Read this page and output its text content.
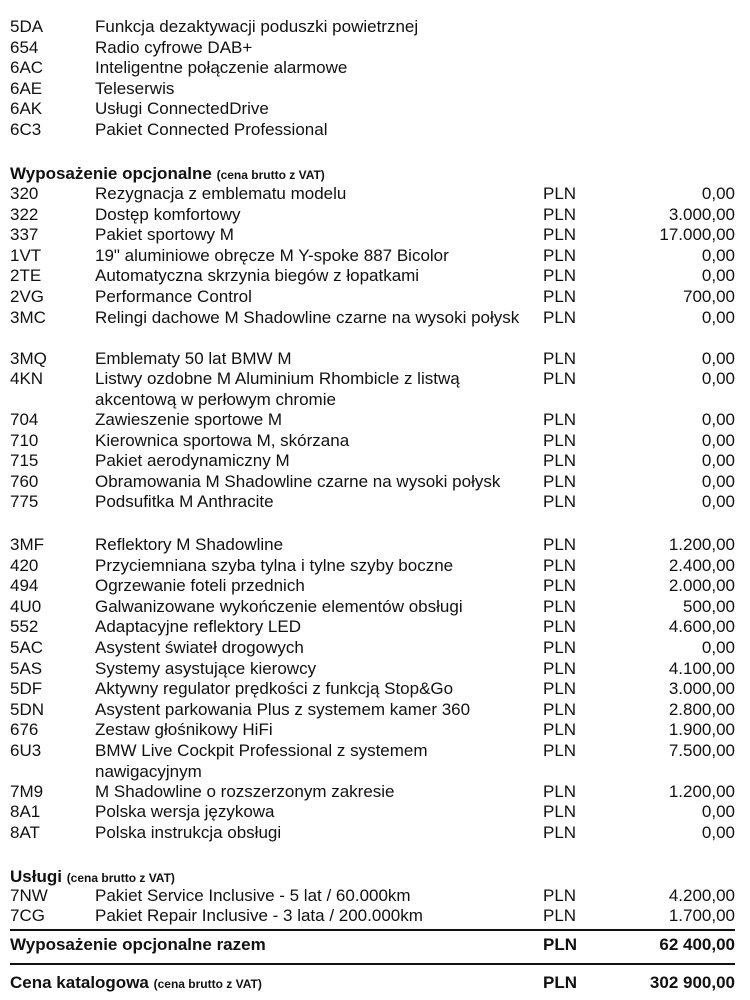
5DA	Funkcja dezaktywacji poduszki powietrznej
654	Radio cyfrowe DAB+
6AC	Inteligentne połączenie alarmowe
6AE	Teleserwis
6AK	Usługi ConnectedDrive
6C3	Pakiet Connected Professional
Wyposażenie opcjonalne (cena brutto z VAT)
320	Rezygnacja z emblematu modelu	PLN	0,00
322	Dostęp komfortowy	PLN	3.000,00
337	Pakiet sportowy M	PLN	17.000,00
1VT	19" aluminiowe obręcze M Y-spoke 887 Bicolor	PLN	0,00
2TE	Automatyczna skrzynia biegów z łopatkami	PLN	0,00
2VG	Performance Control	PLN	700,00
3MC	Relingi dachowe M Shadowline czarne na wysoki połysk	PLN	0,00
3MQ	Emblematy 50 lat BMW M	PLN	0,00
4KN	Listwy ozdobne M Aluminium Rhombicle z listwą akcentową w perłowym chromie
PLN	0,00
704	Zawieszenie sportowe M	PLN	0,00
710	Kierownica sportowa M, skórzana	PLN	0,00
715	Pakiet aerodynamiczny M	PLN	0,00
760	Obramowania M Shadowline czarne na wysoki połysk	PLN	0,00
775	Podsufitka M Anthracite	PLN	0,00
3MF	Reflektory M Shadowline	PLN	1.200,00
420	Przyciemniana szyba tylna i tylne szyby boczne	PLN	2.400,00
494	Ogrzewanie foteli przednich	PLN	2.000,00
4U0	Galwanizowane wykończenie elementów obsługi	PLN	500,00
552	Adaptacyjne reflektory LED	PLN	4.600,00
5AC	Asystent świateł drogowych	PLN	0,00
5AS	Systemy asystujące kierowcy	PLN	4.100,00
5DF	Aktywny regulator prędkości z funkcją Stop&Go	PLN	3.000,00
5DN	Asystent parkowania Plus z systemem kamer 360	PLN	2.800,00
676	Zestaw głośnikowy HiFi	PLN	1.900,00
6U3	BMW Live Cockpit Professional z systemem nawigacyjnym
PLN	7.500,00
7M9	M Shadowline o rozszerzonym zakresie	PLN	1.200,00
8A1	Polska wersja językowa	PLN	0,00
8AT	Polska instrukcja obsługi	PLN	0,00
Usługi (cena brutto z VAT)
7NW	Pakiet Service Inclusive - 5 lat / 60.000km	PLN	4.200,00
7CG	Pakiet Repair Inclusive - 3 lata / 200.000km	PLN	1.700,00
Wyposażenie opcjonalne razem	PLN	62 400,00
Cena katalogowa (cena brutto z VAT)	PLN	302 900,00
